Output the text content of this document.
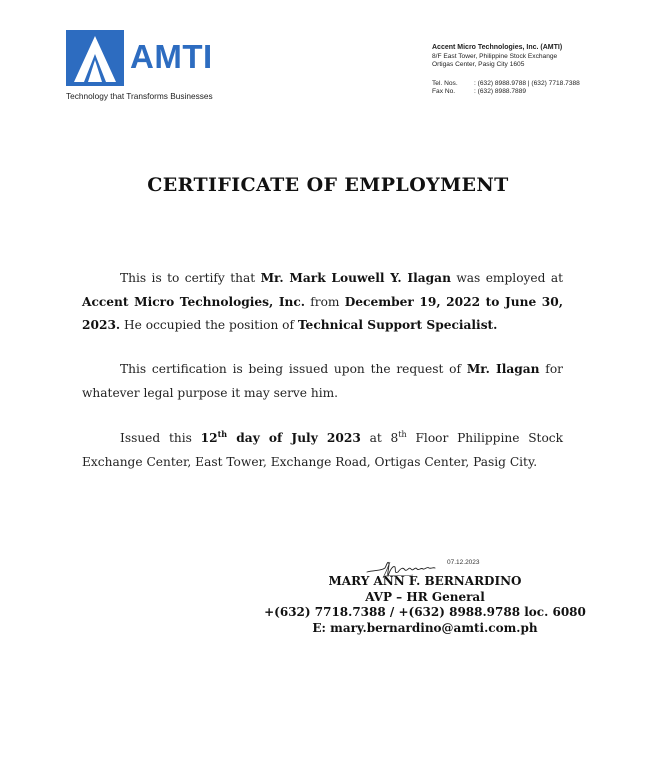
AMTI
Technology that Transforms Businesses
Accent Micro Technologies, Inc. (AMTI)
8/F East Tower, Philippine Stock Exchange
Ortigas Center, Pasig City 1605
Tel. Nos. : (632) 8988.9788 | (632) 7718.7388
Fax No.	: (632) 8988.7889
CERTIFICATE OF EMPLOYMENT
This is to certify that Mr. Mark Louwell Y. Ilagan was employed at Accent Micro Technologies, Inc. from December 19, 2022 to June 30, 2023. He occupied the position of Technical Support Specialist.
This certification is being issued upon the request of Mr. Ilagan for whatever legal purpose it may serve him.
Issued this 12th day of July 2023 at 8th Floor Philippine Stock Exchange Center, East Tower, Exchange Road, Ortigas Center, Pasig City.
07.12.2023
MARY ANN F. BERNARDINO
AVP – HR General
+(632) 7718.7388 / +(632) 8988.9788 loc. 6080
E: mary.bernardino@amti.com.ph
